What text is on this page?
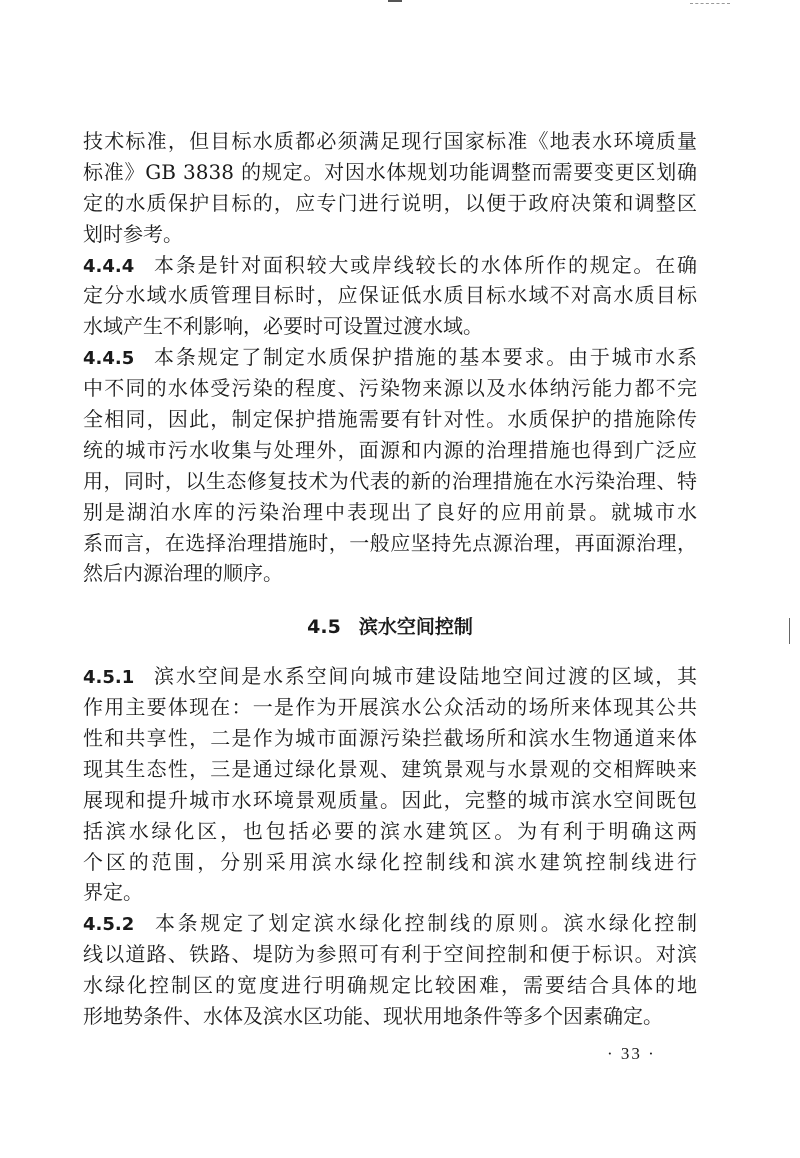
技术标准，但目标水质都必须满足现行国家标准《地表水环境质量
标准》GB 3838 的规定。对因水体规划功能调整而需要变更区划确
定的水质保护目标的，应专门进行说明，以便于政府决策和调整区
划时参考。
4.4.4 本条是针对面积较大或岸线较长的水体所作的规定。在确
定分水域水质管理目标时，应保证低水质目标水域不对高水质目标
水域产生不利影响，必要时可设置过渡水域。
4.4.5 本条规定了制定水质保护措施的基本要求。由于城市水系
中不同的水体受污染的程度、污染物来源以及水体纳污能力都不完
全相同，因此，制定保护措施需要有针对性。水质保护的措施除传
统的城市污水收集与处理外，面源和内源的治理措施也得到广泛应
用，同时，以生态修复技术为代表的新的治理措施在水污染治理、特
别是湖泊水库的污染治理中表现出了良好的应用前景。就城市水
系而言，在选择治理措施时，一般应坚持先点源治理，再面源治理，
然后内源治理的顺序。
4.5 滨水空间控制
4.5.1 滨水空间是水系空间向城市建设陆地空间过渡的区域，其
作用主要体现在：一是作为开展滨水公众活动的场所来体现其公共
性和共享性，二是作为城市面源污染拦截场所和滨水生物通道来体
现其生态性，三是通过绿化景观、建筑景观与水景观的交相辉映来
展现和提升城市水环境景观质量。因此，完整的城市滨水空间既包
括滨水绿化区，也包括必要的滨水建筑区。为有利于明确这两
个区的范围，分别采用滨水绿化控制线和滨水建筑控制线进行
界定。
4.5.2 本条规定了划定滨水绿化控制线的原则。滨水绿化控制
线以道路、铁路、堤防为参照可有利于空间控制和便于标识。对滨
水绿化控制区的宽度进行明确规定比较困难，需要结合具体的地
形地势条件、水体及滨水区功能、现状用地条件等多个因素确定。
· 33 ·
